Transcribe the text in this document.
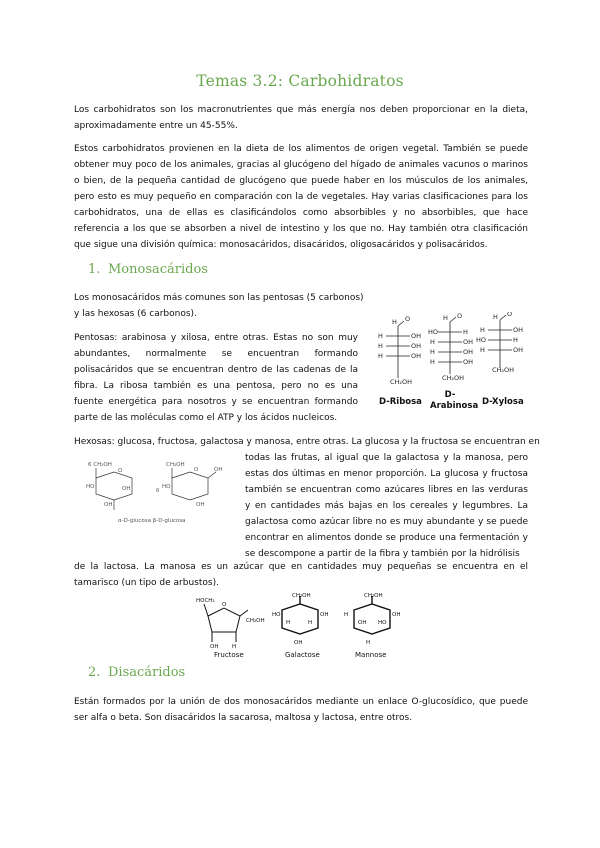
Temas 3.2: Carbohidratos
Los carbohidratos son los macronutrientes que más energía nos deben proporcionar en la dieta, aproximadamente entre un 45-55%.
Estos carbohidratos provienen en la dieta de los alimentos de origen vegetal. También se puede obtener muy poco de los animales, gracias al glucógeno del hígado de animales vacunos o marinos o bien, de la pequeña cantidad de glucógeno que puede haber en los músculos de los animales, pero esto es muy pequeño en comparación con la de vegetales. Hay varias clasificaciones para los carbohidratos, una de ellas es clasificándolos como absorbibles y no absorbibles, que hace referencia a los que se absorben a nivel de intestino y los que no. Hay también otra clasificación que sigue una división química: monosacáridos, disacáridos, oligosacáridos y polisacáridos.
1. Monosacáridos
Los monosacáridos más comunes son las pentosas (5 carbonos) y las hexosas (6 carbonos).
Pentosas: arabinosa y xilosa, entre otras. Estas no son muy abundantes, normalmente se encuentran formando polisacáridos que se encuentran dentro de las cadenas de la fibra. La ribosa también es una pentosa, pero no es una fuente energética para nosotros y se encuentran formando parte de las moléculas como el ATP y los ácidos nucleicos.
H O
H	OH
H	OH
H	OH
CH₂OH
H O
HO	H
H	OH
H	OH
H	OH
CH₂OH
H O
H	OH
HO	H
H	OH
CH₂OH
D-Ribosa
D-
Arabinosa D-Xylosa
Hexosas: glucosa, fructosa, galactosa y manosa, entre otras. La glucosa y la fructosa se encuentran en
6 CH₂OH
O
HO	OH
OH
δ
CH₂OH
O	OH
HO
OH
α-D-glucosa β-D-glucosa
todas las frutas, al igual que la galactosa y la manosa, pero estas dos últimas en menor proporción. La glucosa y fructosa también se encuentran como azúcares libres en las verduras y en cantidades más bajas en los cereales y legumbres. La galactosa como azúcar libre no es muy abundante y se puede encontrar en alimentos donde se produce una fermentación y se descompone a partir de la fibra y también por la hidrólisis
de la lactosa. La manosa es un azúcar que en cantidades muy pequeñas se encuentra en el tamarisco (un tipo de arbustos).
O
HOCH₂
CH₂OH
OH H
CH₂OH
HO	OH
H	H
OH
CH₂OH
H	OH
OH HO
H
Fructose	Galactose	Mannose
2. Disacáridos
Están formados por la unión de dos monosacáridos mediante un enlace O-glucosídico, que puede ser alfa o beta. Son disacáridos la sacarosa, maltosa y lactosa, entre otros.
